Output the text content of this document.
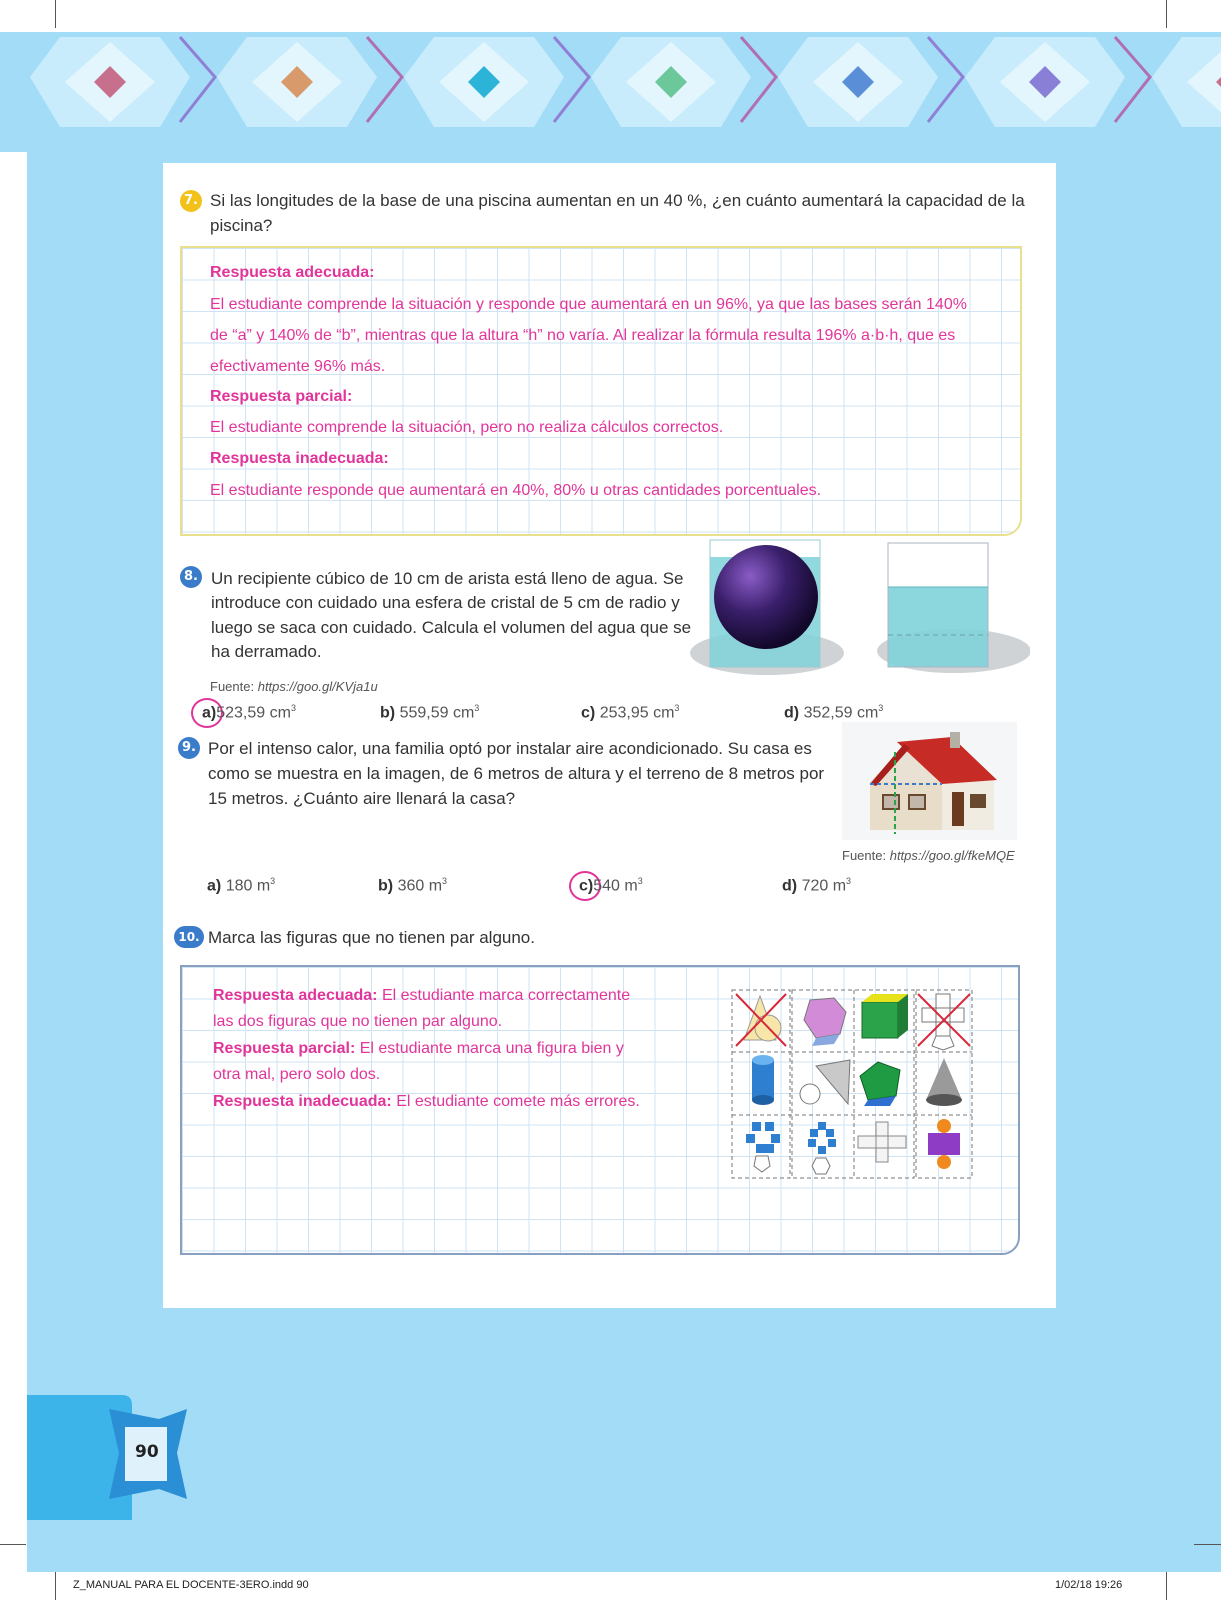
7. Si las longitudes de la base de una piscina aumentan en un 40 %, ¿en cuánto aumentará la capacidad de la piscina?
Respuesta adecuada:
El estudiante comprende la situación y responde que aumentará en un 96%, ya que las bases serán 140%
de “a” y 140% de “b”, mientras que la altura “h” no varía. Al realizar la fórmula resulta 196% a·b·h, que es
efectivamente 96% más.
Respuesta parcial:
El estudiante comprende la situación, pero no realiza cálculos correctos.
Respuesta inadecuada:
El estudiante responde que aumentará en 40%, 80% u otras cantidades porcentuales.
8. Un recipiente cúbico de 10 cm de arista está lleno de agua. Se
introduce con cuidado una esfera de cristal de 5 cm de radio y
luego se saca con cuidado. Calcula el volumen del agua que se
ha derramado.
Fuente: https://goo.gl/KVja1u
a)523,59 $cm^3$	b) 559,59 $cm^3$	c) 253,95 $cm^3$	d) 352,59 $cm^3$
9. Por el intenso calor, una familia optó por instalar aire acondicionado. Su casa es
como se muestra en la imagen, de 6 metros de altura y el terreno de 8 metros por
15 metros. ¿Cuánto aire llenará la casa?
Fuente: https://goo.gl/fkeMQE
a) 180 $m^3$	b) 360 $m^3$	c)540 $m^3$	d) 720 $m^3$
10. Marca las figuras que no tienen par alguno.
Respuesta adecuada: El estudiante marca correctamente
las dos figuras que no tienen par alguno.
Respuesta parcial: El estudiante marca una figura bien y
otra mal, pero solo dos.
Respuesta inadecuada: El estudiante comete más errores.
90
Z_MANUAL PARA EL DOCENTE-3ERO.indd 90	1/02/18 19:26
